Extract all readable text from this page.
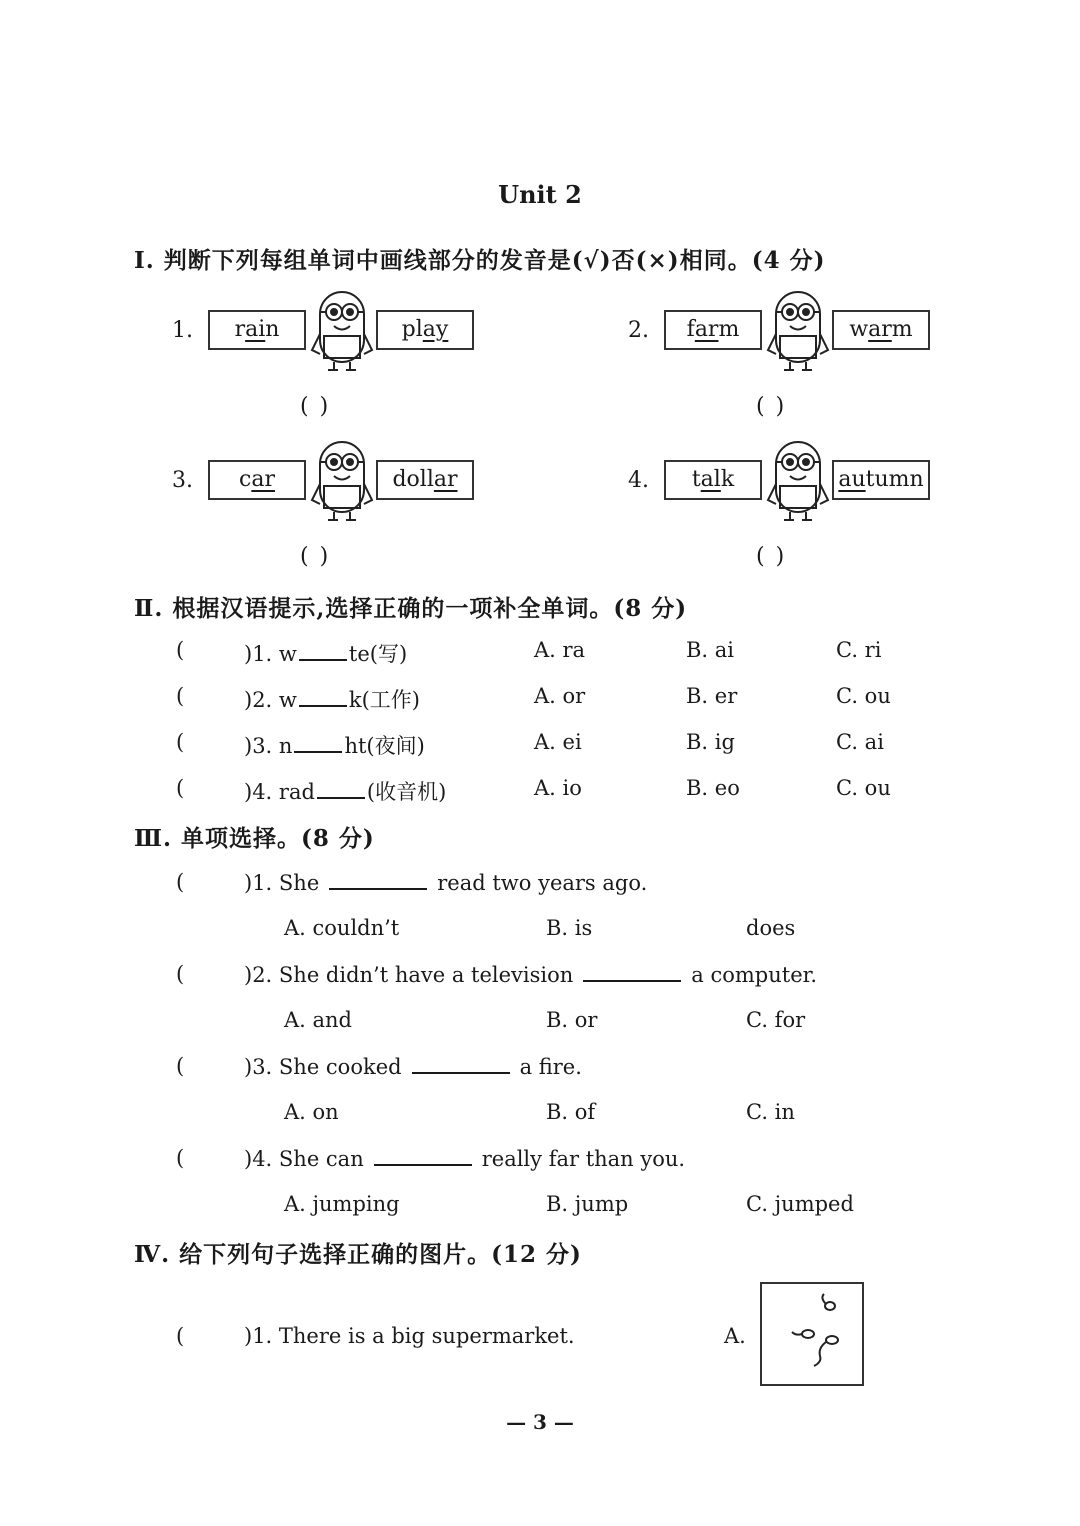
Unit 2
Ⅰ. 判断下列每组单词中画线部分的发音是(√)否(×)相同。(4 分)
1.	rain	play
( )
2.	farm	warm
( )
3.	car	dollar
( )
4.	talk	autumn
( )
Ⅱ. 根据汉语提示,选择正确的一项补全单词。(8 分)
(	)1. w te(写)	A. ra	B. ai	C. ri
(	)2. w k(工作)	A. or	B. er	C. ou
(	)3. n ht(夜间)	A. ei	B. ig	C. ai
(	)4. rad (收音机)	A. io	B. eo	C. ou
Ⅲ. 单项选择。(8 分)
(	)1. She	read two years ago.
A. couldn’t	B. is	does
(	)2. She didn’t have a television	a computer.
A. and	B. or	C. for
(	)3. She cooked	a fire.
A. on	B. of	C. in
(	)4. She can	really far than you.
A. jumping	B. jump	C. jumped
Ⅳ. 给下列句子选择正确的图片。(12 分)
(	)1. There is a big supermarket.	A.
— 3 —
